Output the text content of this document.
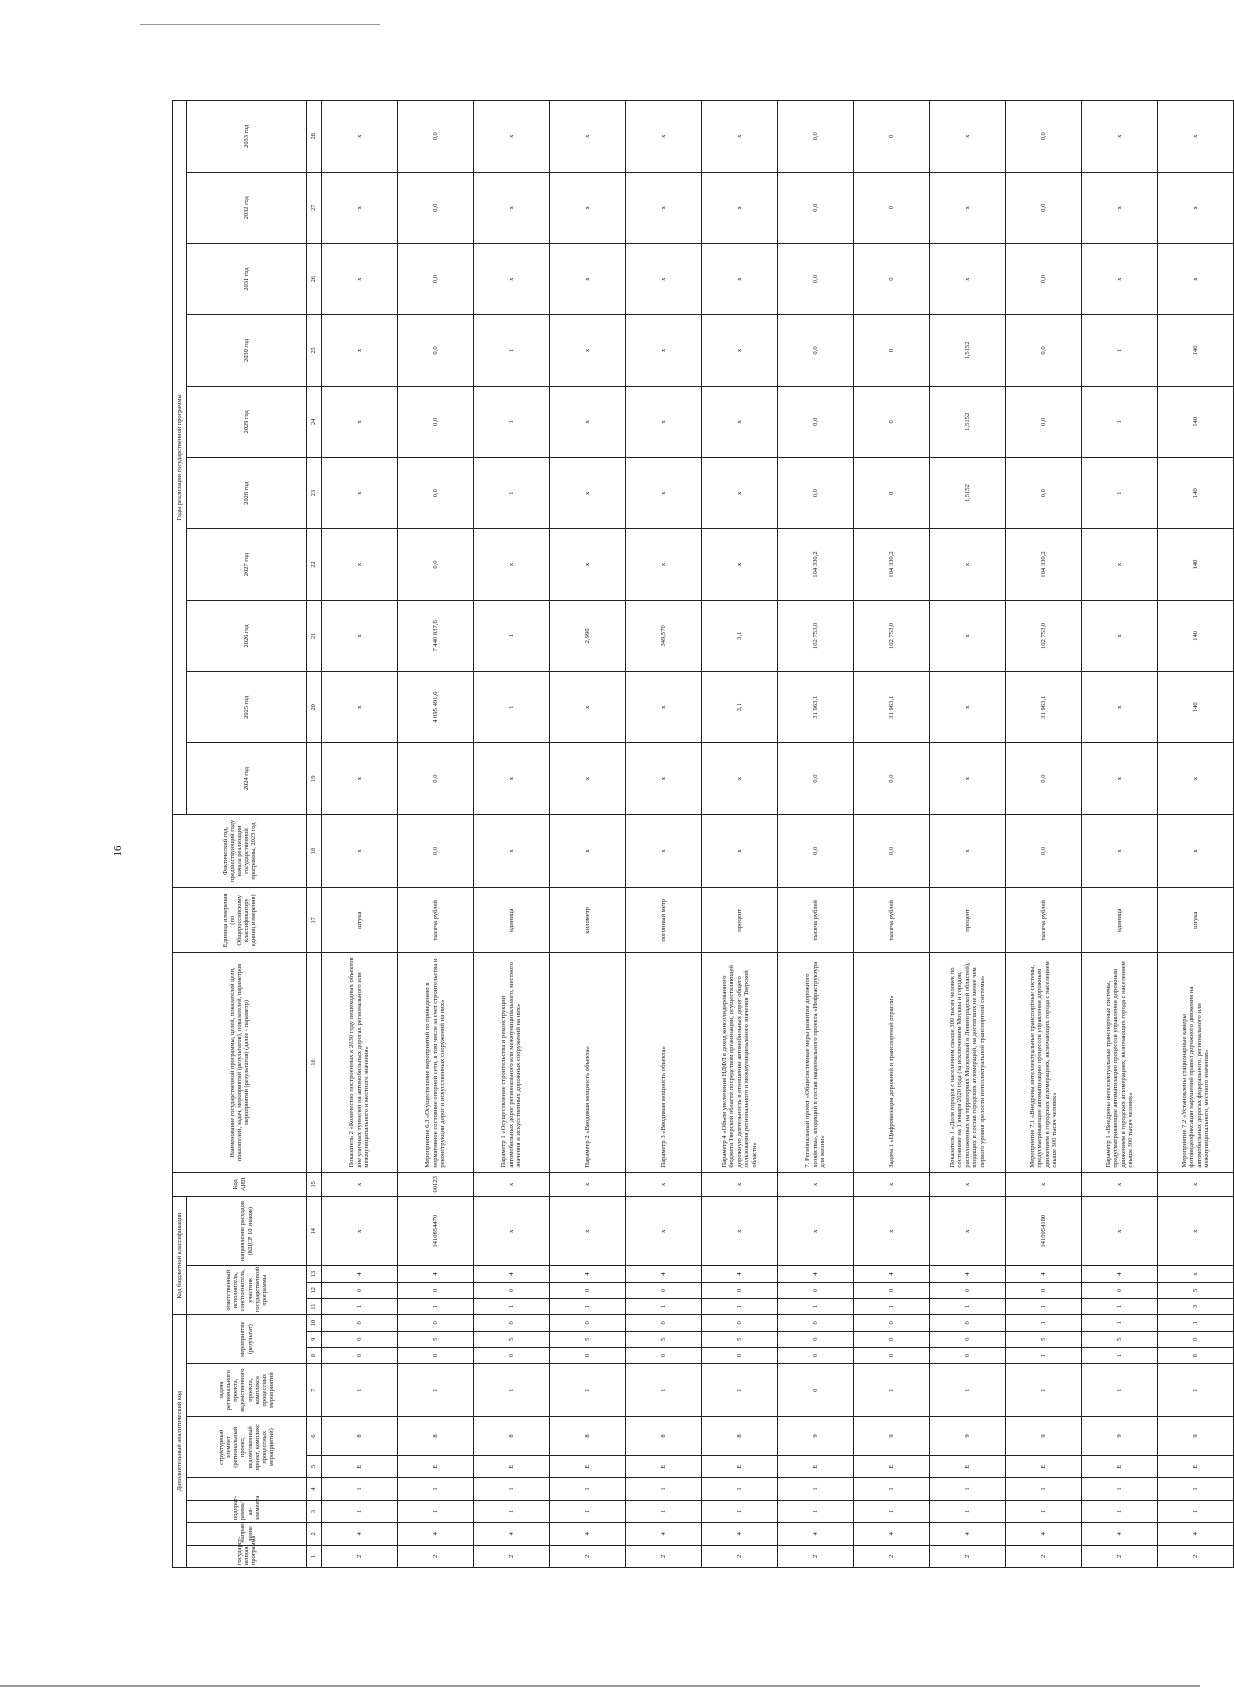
16
Дополнительный аналитический код										Код бюджетной классификации				Код АИП	Наименование государственной программы, целей, показателей цели, показателей, задач, мероприятий (результатов), показателей, параметров мероприятий (результатов) (далее - параметр)	Единица измерения (по Общероссийскому классификатору единиц измерения)	Фактический год, предшествующий году начала реализации государственной программы, 2023 год	Годы реализации государственной программы									
государст-венная программа	направ-ление	подпрог-рамма/ая-элемента		структурный элемент (региональный проект, ведомственный проект, комплекс процессных мероприятий)		задача регионального проекта, ведомственного проекта, комплекса процессных мероприятий	мероприятие (результат)			ответственный исполнитель, соисполнитель, участник государственной программы			направление расходов (КЦСР 10 знаков)					2024 год	2025 год	2026 год	2027 год	2028 год	2029 год	2030 год	2031 год	2032 год	2033 год

1	2	3	4	5	6	7	8	9	10	11	12	13	14	15	16	17	18	19	20	21	22	23	24	25	26	27	28
2	4	1	1	Е	8	1	0	0	0	1	0	4	х	х	Показатель 2 «Количество построенных к 2030 году пешеходных объектов вне уличных туннелей на автомобильных дорогах регионального или межмуниципального и местного значения»	штука	х	х	х	х	х	х	х	х	х	х	х
2	4	1	1	Е	8	1	0	5	0	1	0	4	1410854470	00123	Мероприятие 6.3 «Осуществление мероприятий по приведению в нормативное состояние опорной сети, в том числе за счет строительства и реконструкции дорог и искусственных сооружений на них»	тысяча рублей	0,0	0,0	4 095 491,6	7 440 837,6	0,0	0,0	0,0	0,0	0,0	0,0	0,0
2	4	1	1	Е	8	1	0	5	0	1	0	4	х	х	Параметр 1 «Осуществление строительства и реконструкции автомобильных дорог регионального или межмуниципального, местного значения и искусственных дорожных сооружений на них»	единица	х	х	1	1	х	1	1	1	х	х	х
2	4	1	1	Е	8	1	0	5	0	1	0	4	х	х	Параметр 2 «Вводимая мощность объекта»	километр	х	х	х	2,990	х	х	х	х	х	х	х
2	4	1	1	Е	8	1	0	5	0	1	0	4	х	х	Параметр 3 «Вводимая мощность объекта»	погонный метр	х	х	х	349,570	х	х	х	х	х	х	х
2	4	1	1	Е	8	1	0	5	0	1	0	4	х	х	Параметр 4 «Объем увеличения НДФЛ в доход консолидированного бюджета Тверской области посредством организации, осуществляющей дорожную деятельность в отношении автомобильных дорог общего пользования регионального и межмуниципального значения Тверской области»	процент	х	х	3,1	3,1	х	х	х	х	х	х	х
2	4	1	1	Е	9	0	0	0	0	1	0	4	х	х	7. Региональный проект «Общесистемные меры развития дорожного хозяйства», входящий в состав национального проекта «Инфраструктура для жизни»	тысяча рублей	0,0	0,0	31 963,1	102 753,0	104 330,2	0,0	0,0	0,0	0,0	0,0	0,0
2	4	1	1	Е	9	1	0	0	0	1	0	4	х	х	Задача 1 «Цифровизация дорожной и транспортной отрасли»	тысяча рублей	0,0	0,0	31 963,1	102 753,0	104 330,2	0	0	0	0	0	0
2	4	1	1	Е	9	1	0	0	0	1	0	4	х	х	Показатель 1 «Доля городов с населением свыше 300 тысяч человек по состоянию на 1 января 2020 года (за исключением Москвы и городов, расположенных на территориях Московской и Ленинградской областей), входящих в состав городских агломераций, на достигших не менее чем первого уровня зрелости интеллектуальной транспортной системы»	процент	х	х	х	х	х	1,5152	1,5152	1,5152	х	х	х
2	4	1	1	Е	9	1	1	5	1	1	0	4	1410954180	х	Мероприятие 7.1 «Внедрены интеллектуальные транспортные системы, предусматривающие автоматизацию процессов управления дорожным движением в городских агломерациях, включающих города с населением свыше 300 тысяч человек»	тысяча рублей	0,0	0,0	31 963,1	102 753,0	104 330,2	0,0	0,0	0,0	0,0	0,0	0,0
2	4	1	1	Е	9	1	1	5	1	1	0	4	х	х	Параметр 1 «Внедрены интеллектуальные транспортные системы, предусматривающие автоматизацию процессов управления дорожным движением в городских агломерациях, включающих города с населением свыше 300 тысяч человек»	единица	х	х	х	х	х	1	1	1	х	х	х
2	4	1	1	Е	9	1	6	0	1	3	5	х	х	х	Мероприятие 7.2 «Установлены стационарные камеры фотовидеофиксации нарушений правил дорожного движения на автомобильных дорогах федерального, регионального или межмуниципального, местного значения»	штука	х	х	140	140	140	140	140	140	х	х	х
